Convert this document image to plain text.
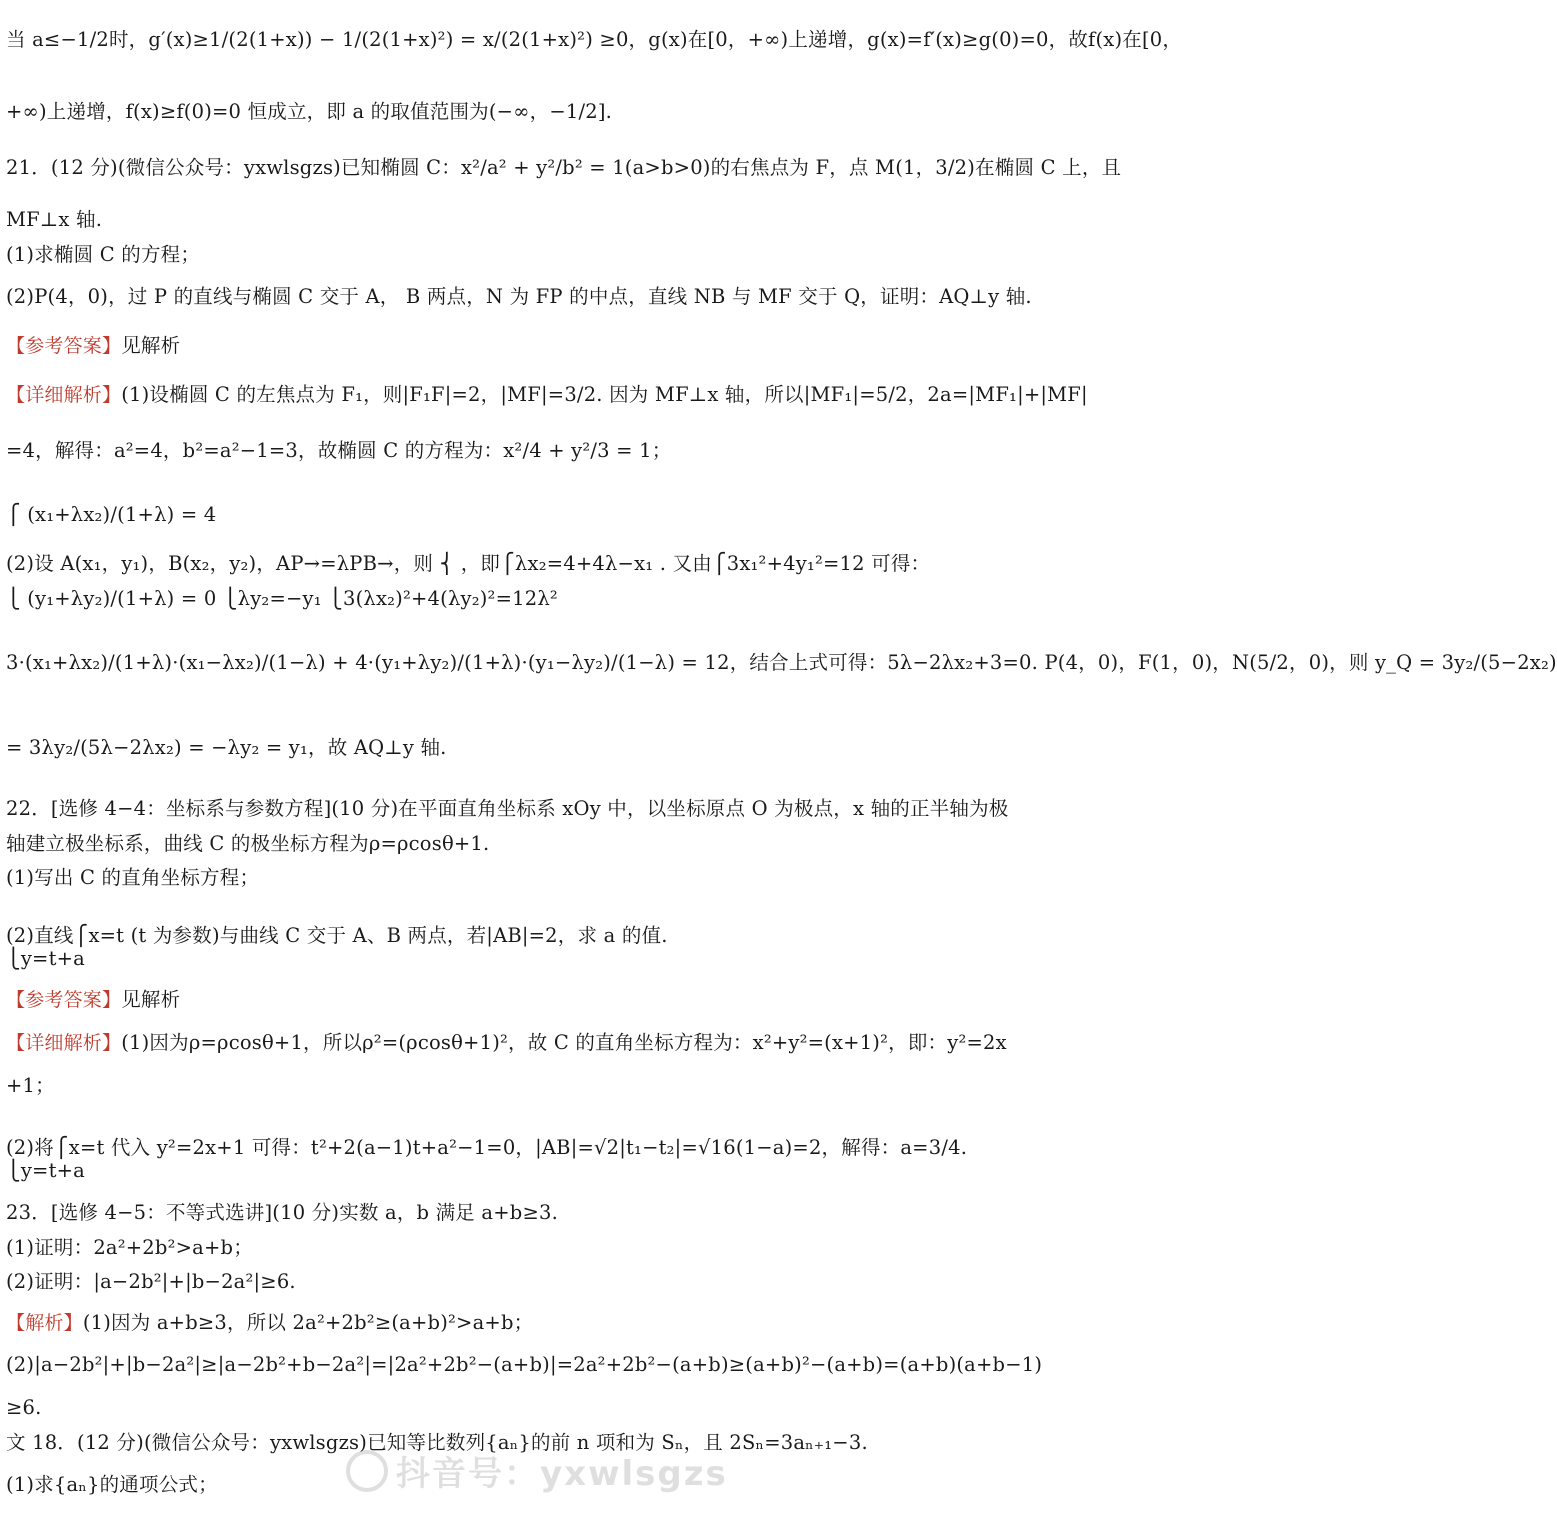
当 a≤−1/2时，g′(x)≥1/(2(1+x)) − 1/(2(1+x)²) = x/(2(1+x)²) ≥0，g(x)在[0，+∞)上递增，g(x)=f′(x)≥g(0)=0，故f(x)在[0，
+∞)上递增，f(x)≥f(0)=0 恒成立，即 a 的取值范围为(−∞，−1/2].
21．(12 分)(微信公众号：yxwlsgzs)已知椭圆 C：x²/a² + y²/b² = 1(a>b>0)的右焦点为 F，点 M(1，3/2)在椭圆 C 上，且
MF⊥x 轴.
(1)求椭圆 C 的方程；
(2)P(4，0)，过 P 的直线与椭圆 C 交于 A， B 两点，N 为 FP 的中点，直线 NB 与 MF 交于 Q，证明：AQ⊥y 轴.
【参考答案】见解析
【详细解析】(1)设椭圆 C 的左焦点为 F₁，则|F₁F|=2，|MF|=3/2. 因为 MF⊥x 轴，所以|MF₁|=5/2，2a=|MF₁|+|MF|
=4，解得：a²=4，b²=a²−1=3，故椭圆 C 的方程为：x²/4 + y²/3 = 1；
⎧ (x₁+λx₂)/(1+λ) = 4
(2)设 A(x₁，y₁)，B(x₂，y₂)，AP→=λPB→，则 ⎨ ，即⎧λx₂=4+4λ−x₁ . 又由⎧3x₁²+4y₁²=12 可得：
⎩ (y₁+λy₂)/(1+λ) = 0 ⎩λy₂=−y₁ ⎩3(λx₂)²+4(λy₂)²=12λ²
3·(x₁+λx₂)/(1+λ)·(x₁−λx₂)/(1−λ) + 4·(y₁+λy₂)/(1+λ)·(y₁−λy₂)/(1−λ) = 12，结合上式可得：5λ−2λx₂+3=0. P(4，0)，F(1，0)，N(5/2，0)，则 y_Q = 3y₂/(5−2x₂)
= 3λy₂/(5λ−2λx₂) = −λy₂ = y₁，故 AQ⊥y 轴.
22．[选修 4−4：坐标系与参数方程](10 分)在平面直角坐标系 xOy 中，以坐标原点 O 为极点，x 轴的正半轴为极
轴建立极坐标系，曲线 C 的极坐标方程为ρ=ρcosθ+1.
(1)写出 C 的直角坐标方程；
(2)直线⎧x=t (t 为参数)与曲线 C 交于 A、B 两点，若|AB|=2，求 a 的值.
⎩y=t+a
【参考答案】见解析
【详细解析】(1)因为ρ=ρcosθ+1，所以ρ²=(ρcosθ+1)²，故 C 的直角坐标方程为：x²+y²=(x+1)²，即：y²=2x
+1；
(2)将⎧x=t 代入 y²=2x+1 可得：t²+2(a−1)t+a²−1=0，|AB|=√2|t₁−t₂|=√16(1−a)=2，解得：a=3/4.
⎩y=t+a
23．[选修 4−5：不等式选讲](10 分)实数 a，b 满足 a+b≥3.
(1)证明：2a²+2b²>a+b；
(2)证明：|a−2b²|+|b−2a²|≥6.
【解析】(1)因为 a+b≥3，所以 2a²+2b²≥(a+b)²>a+b；
(2)|a−2b²|+|b−2a²|≥|a−2b²+b−2a²|=|2a²+2b²−(a+b)|=2a²+2b²−(a+b)≥(a+b)²−(a+b)=(a+b)(a+b−1)
≥6.
文 18．(12 分)(微信公众号：yxwlsgzs)已知等比数列{aₙ}的前 n 项和为 Sₙ，且 2Sₙ=3aₙ₊₁−3.
(1)求{aₙ}的通项公式；	抖音号：yxwlsgzs
